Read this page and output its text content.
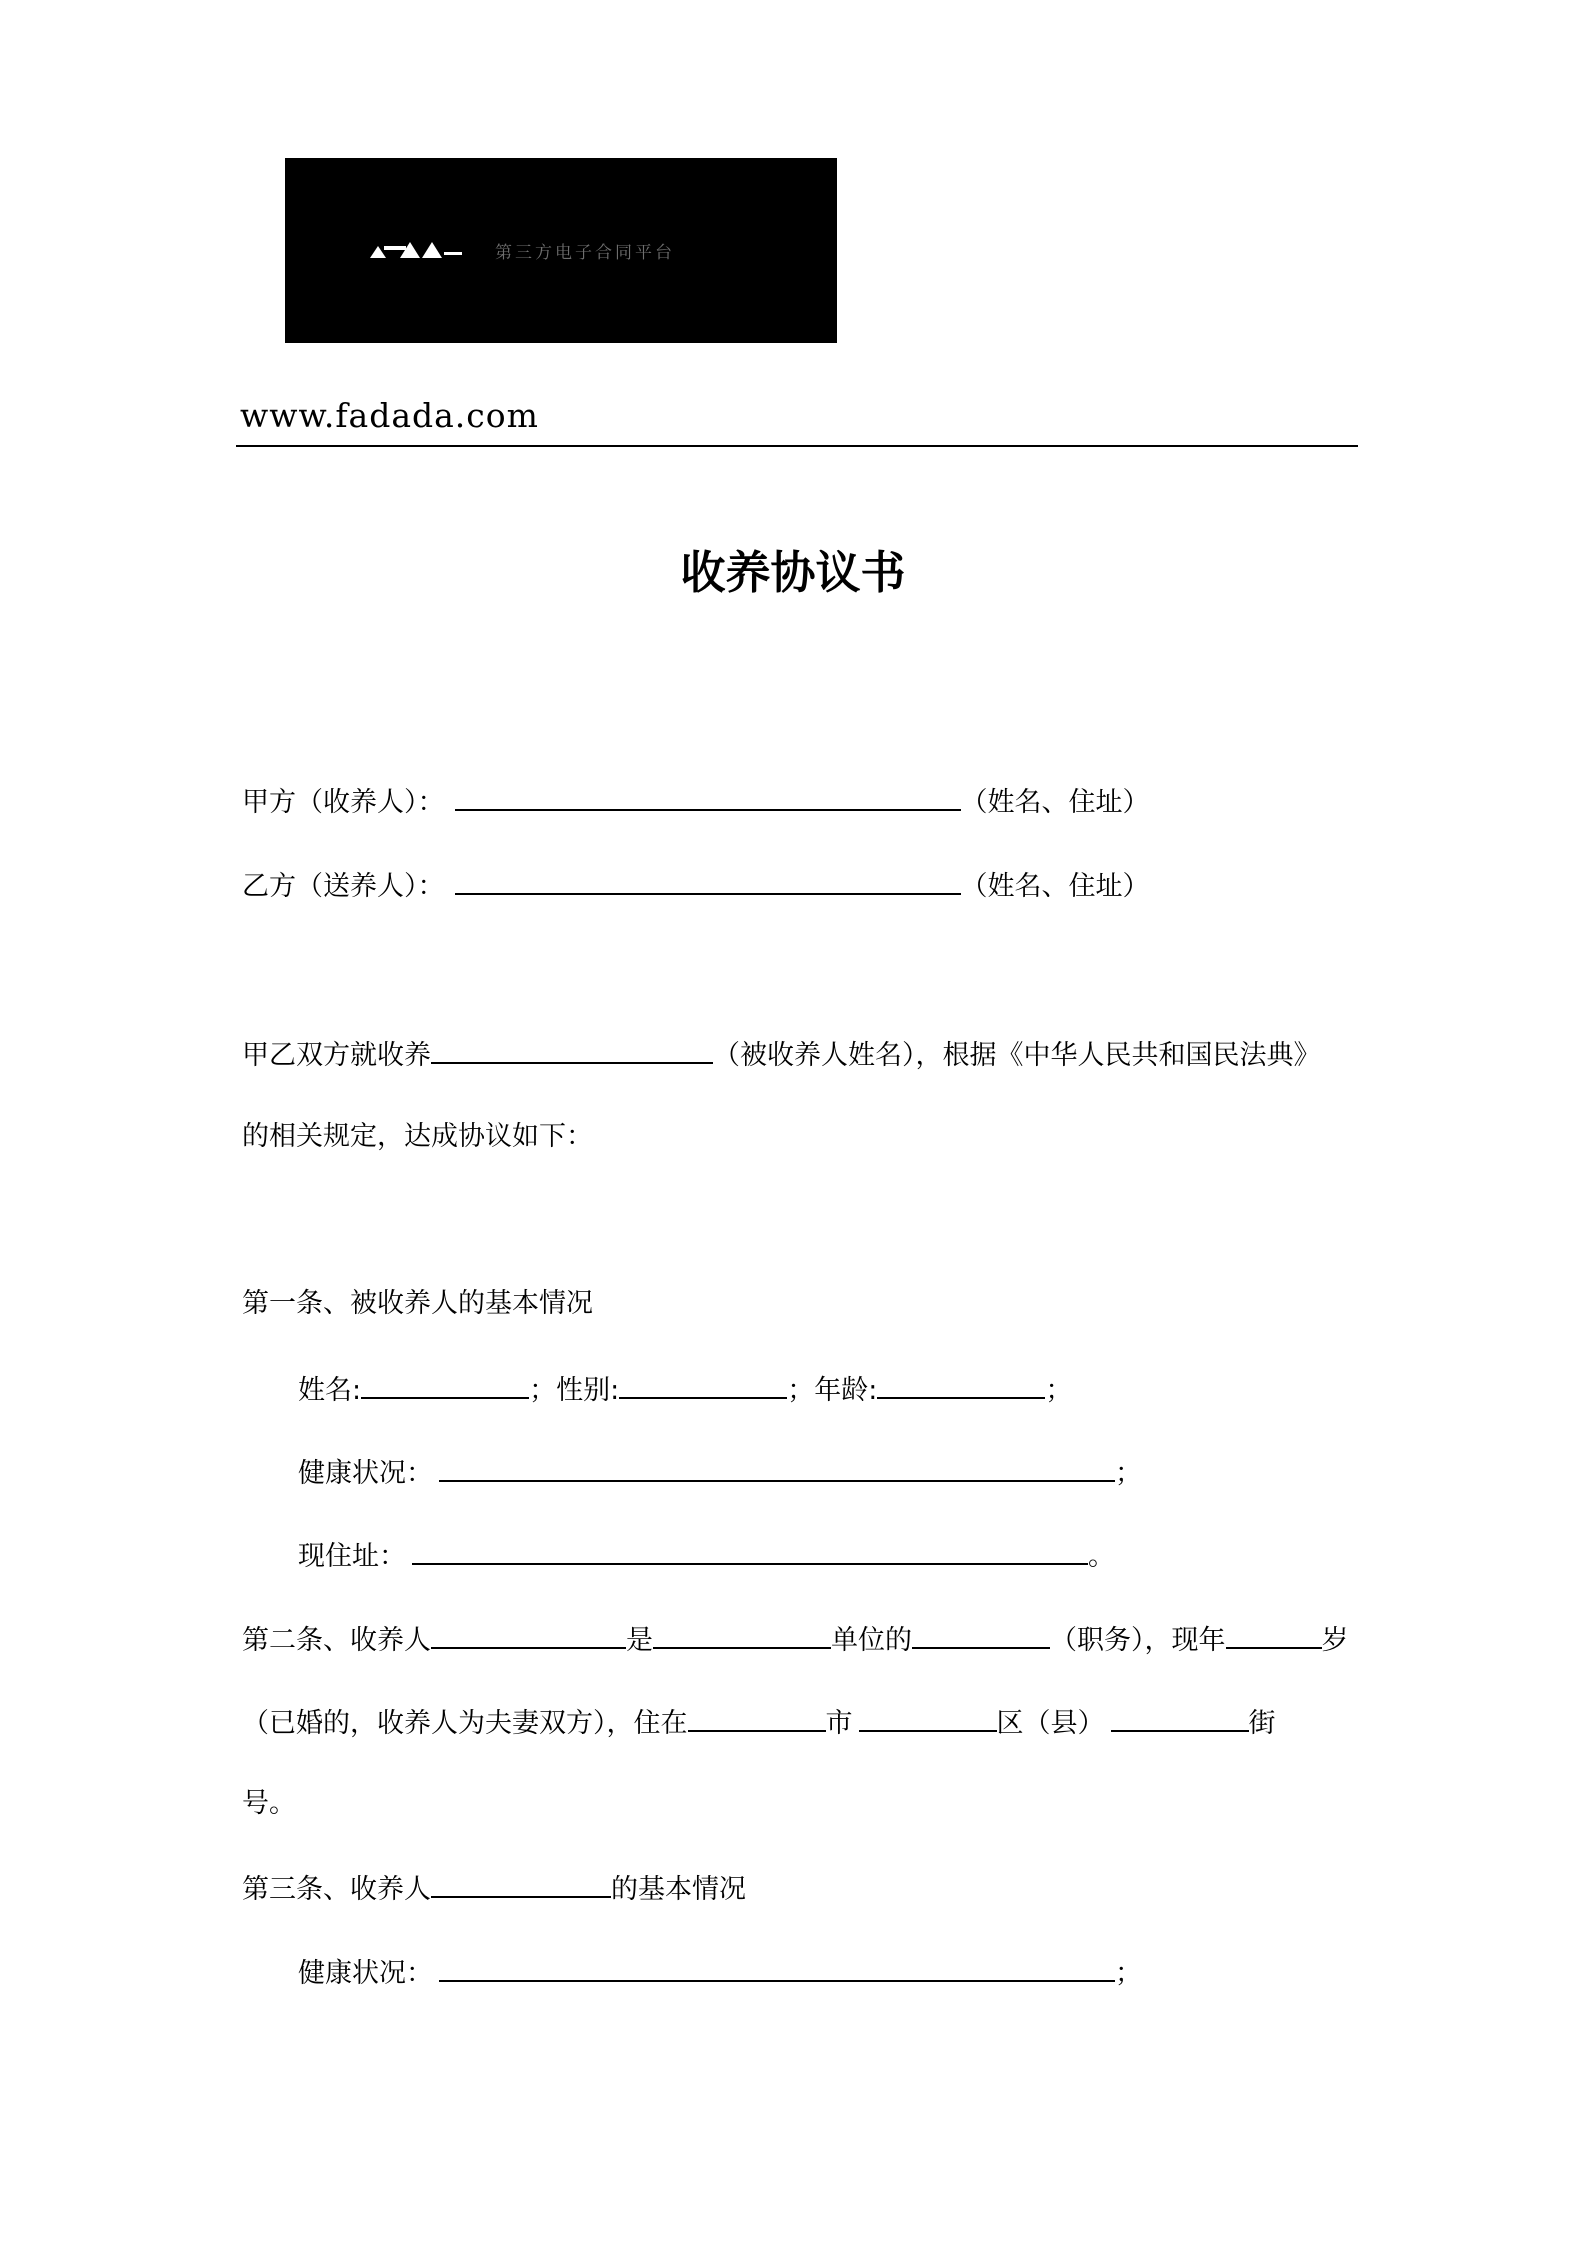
第三方电子合同平台
www.fadada.com
收养协议书
甲方（收养人）：	（姓名、住址）
乙方（送养人）：	（姓名、住址）
甲乙双方就收养	（被收养人姓名），根据《中华人民共和国民法典》
的相关规定，达成协议如下：
第一条、被收养人的基本情况
姓名:	；性别:	；年龄:	；
健康状况：	；
现住址：	。
第二条、收养人	是	单位的	（职务），现年	岁
（已婚的，收养人为夫妻双方），住在	市	区（县）	街
号。
第三条、收养人	的基本情况
健康状况：	；
